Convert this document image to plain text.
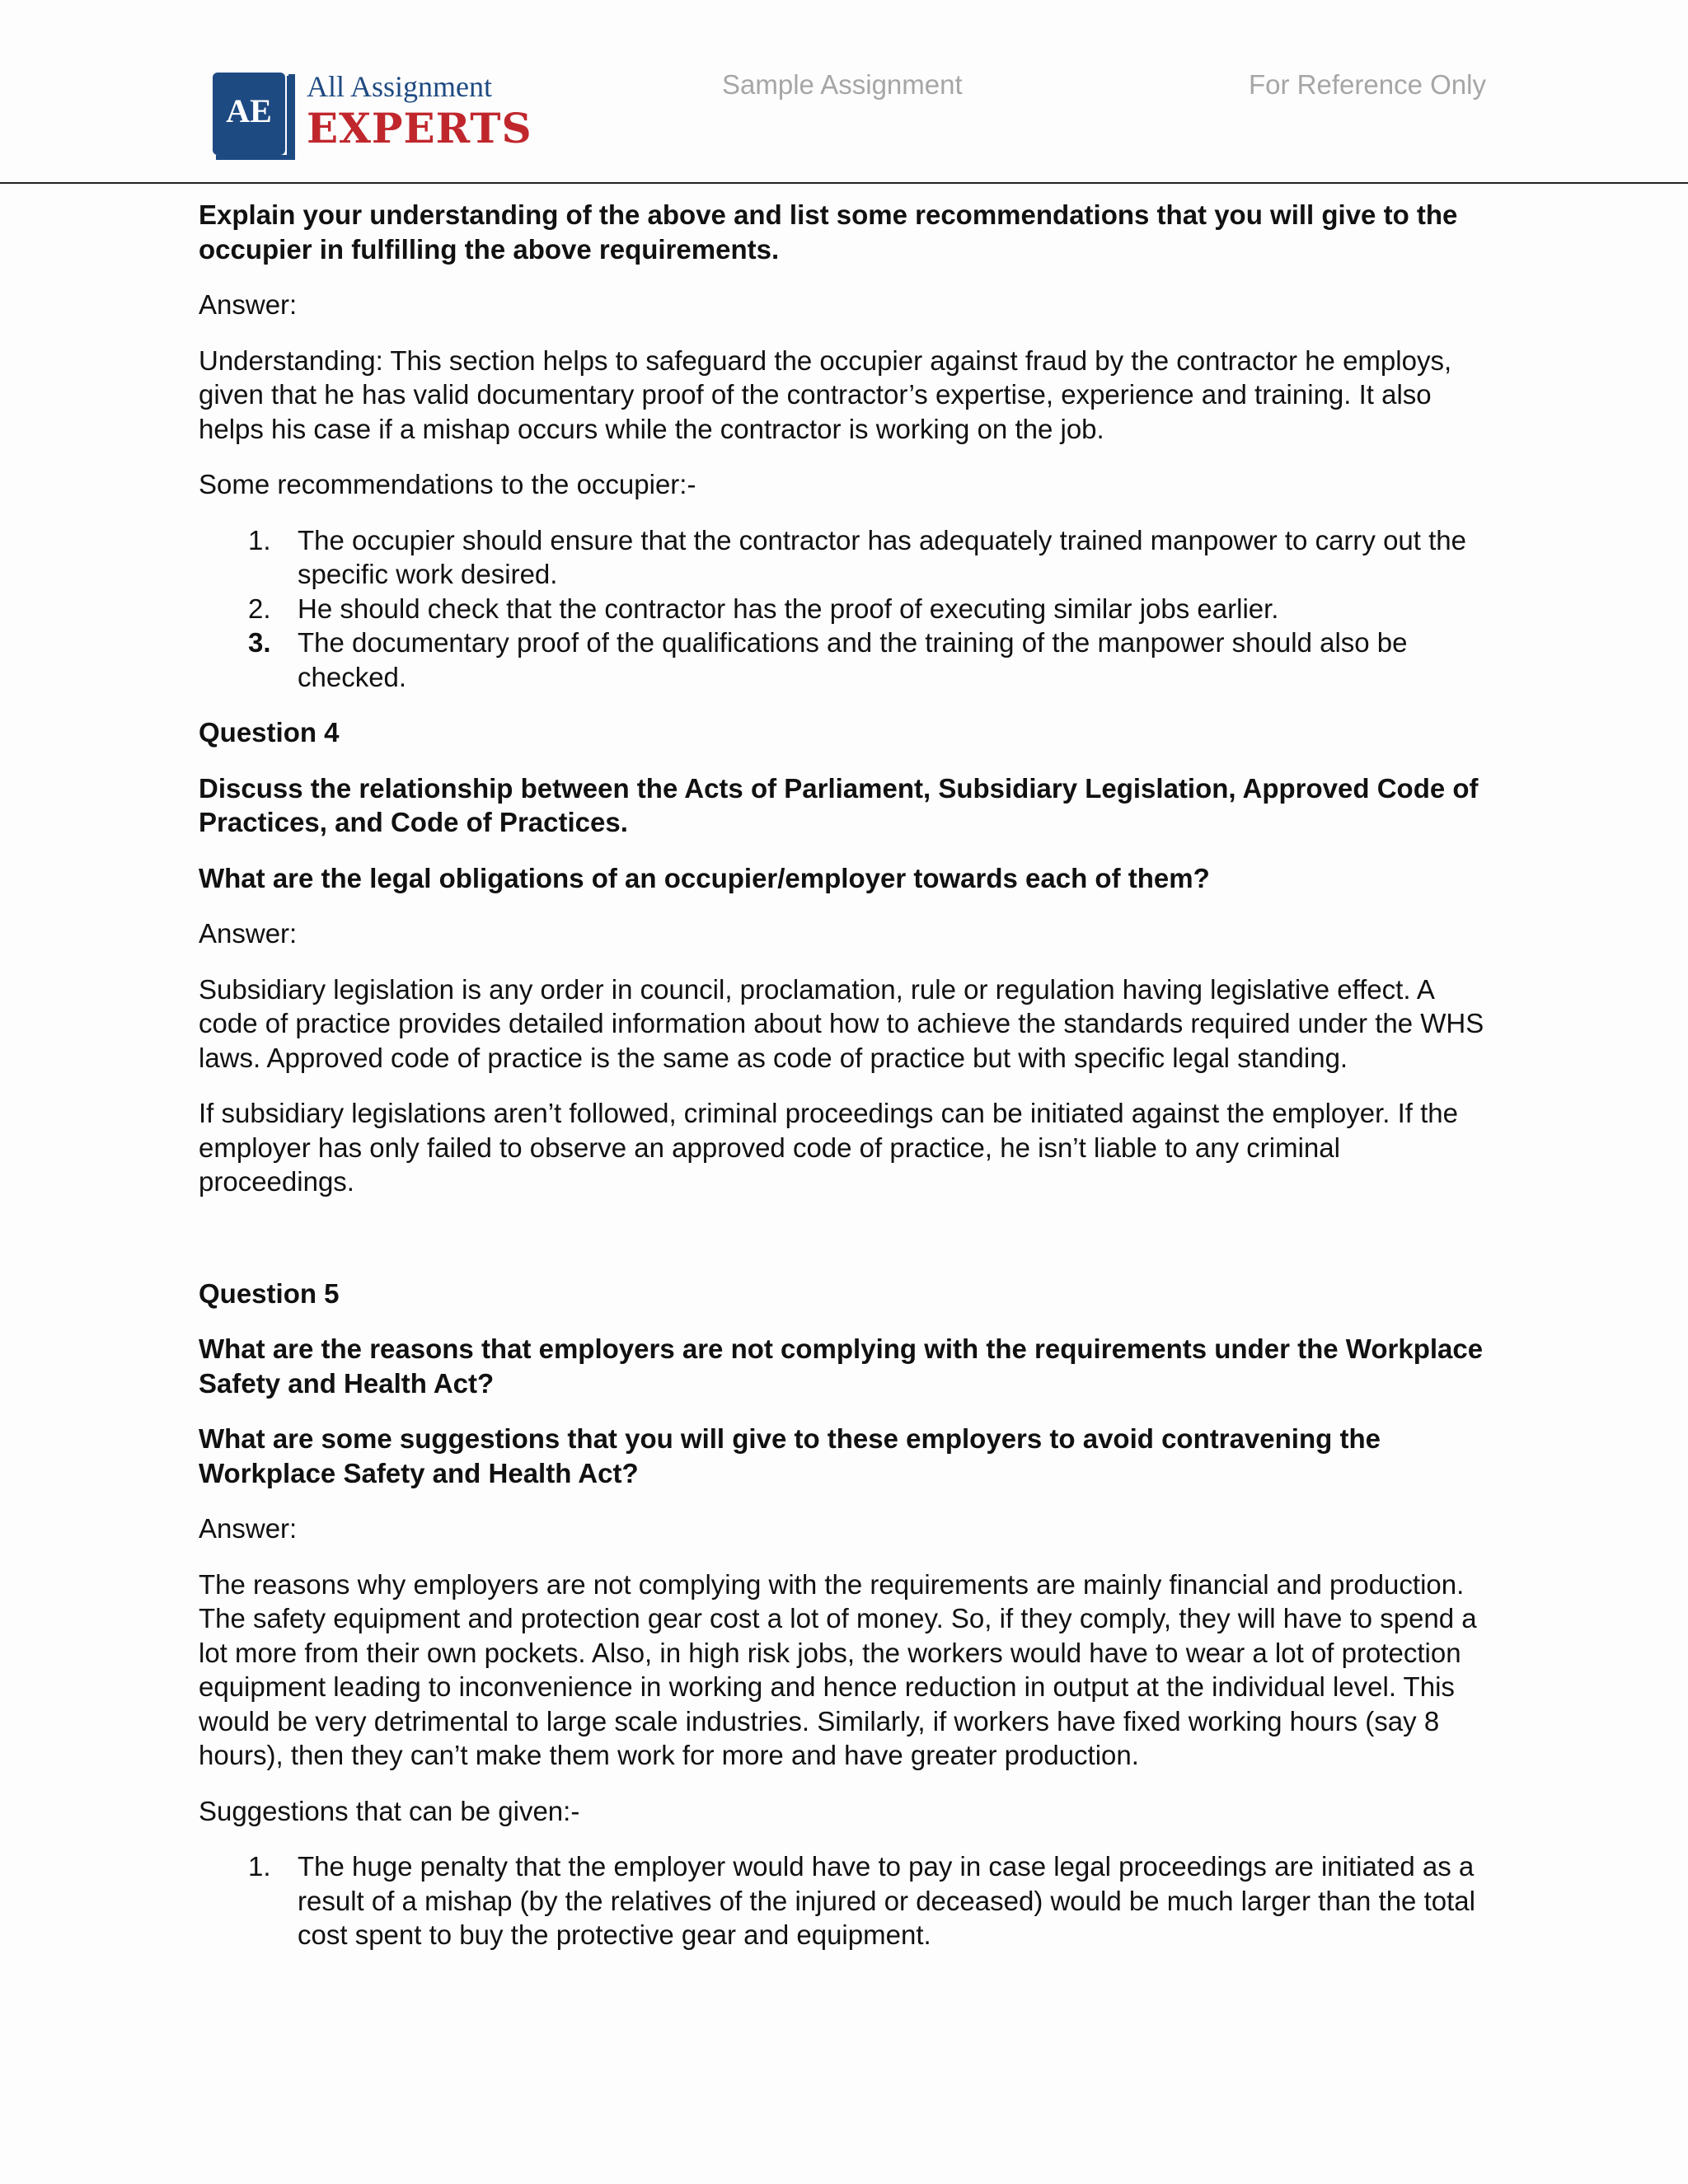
AE
All Assignment
EXPERTS
Sample Assignment	For Reference Only

Explain your understanding of the above and list some recommendations that you will give to the occupier in fulfilling the above requirements.

Answer:

Understanding: This section helps to safeguard the occupier against fraud by the contractor he employs, given that he has valid documentary proof of the contractor’s expertise, experience and training. It also helps his case if a mishap occurs while the contractor is working on the job.

Some recommendations to the occupier:-

1. The occupier should ensure that the contractor has adequately trained manpower to carry out the specific work desired.
2. He should check that the contractor has the proof of executing similar jobs earlier.
3. The documentary proof of the qualifications and the training of the manpower should also be checked.

Question 4

Discuss the relationship between the Acts of Parliament, Subsidiary Legislation, Approved Code of Practices, and Code of Practices.

What are the legal obligations of an occupier/employer towards each of them?

Answer:

Subsidiary legislation is any order in council, proclamation, rule or regulation having legislative effect. A code of practice provides detailed information about how to achieve the standards required under the WHS laws. Approved code of practice is the same as code of practice but with specific legal standing.

If subsidiary legislations aren’t followed, criminal proceedings can be initiated against the employer. If the employer has only failed to observe an approved code of practice, he isn’t liable to any criminal proceedings.

Question 5

What are the reasons that employers are not complying with the requirements under the Workplace Safety and Health Act?

What are some suggestions that you will give to these employers to avoid contravening the Workplace Safety and Health Act?

Answer:

The reasons why employers are not complying with the requirements are mainly financial and production. The safety equipment and protection gear cost a lot of money. So, if they comply, they will have to spend a lot more from their own pockets. Also, in high risk jobs, the workers would have to wear a lot of protection equipment leading to inconvenience in working and hence reduction in output at the individual level. This would be very detrimental to large scale industries. Similarly, if workers have fixed working hours (say 8 hours), then they can’t make them work for more and have greater production.

Suggestions that can be given:-

1. The huge penalty that the employer would have to pay in case legal proceedings are initiated as a result of a mishap (by the relatives of the injured or deceased) would be much larger than the total cost spent to buy the protective gear and equipment.
